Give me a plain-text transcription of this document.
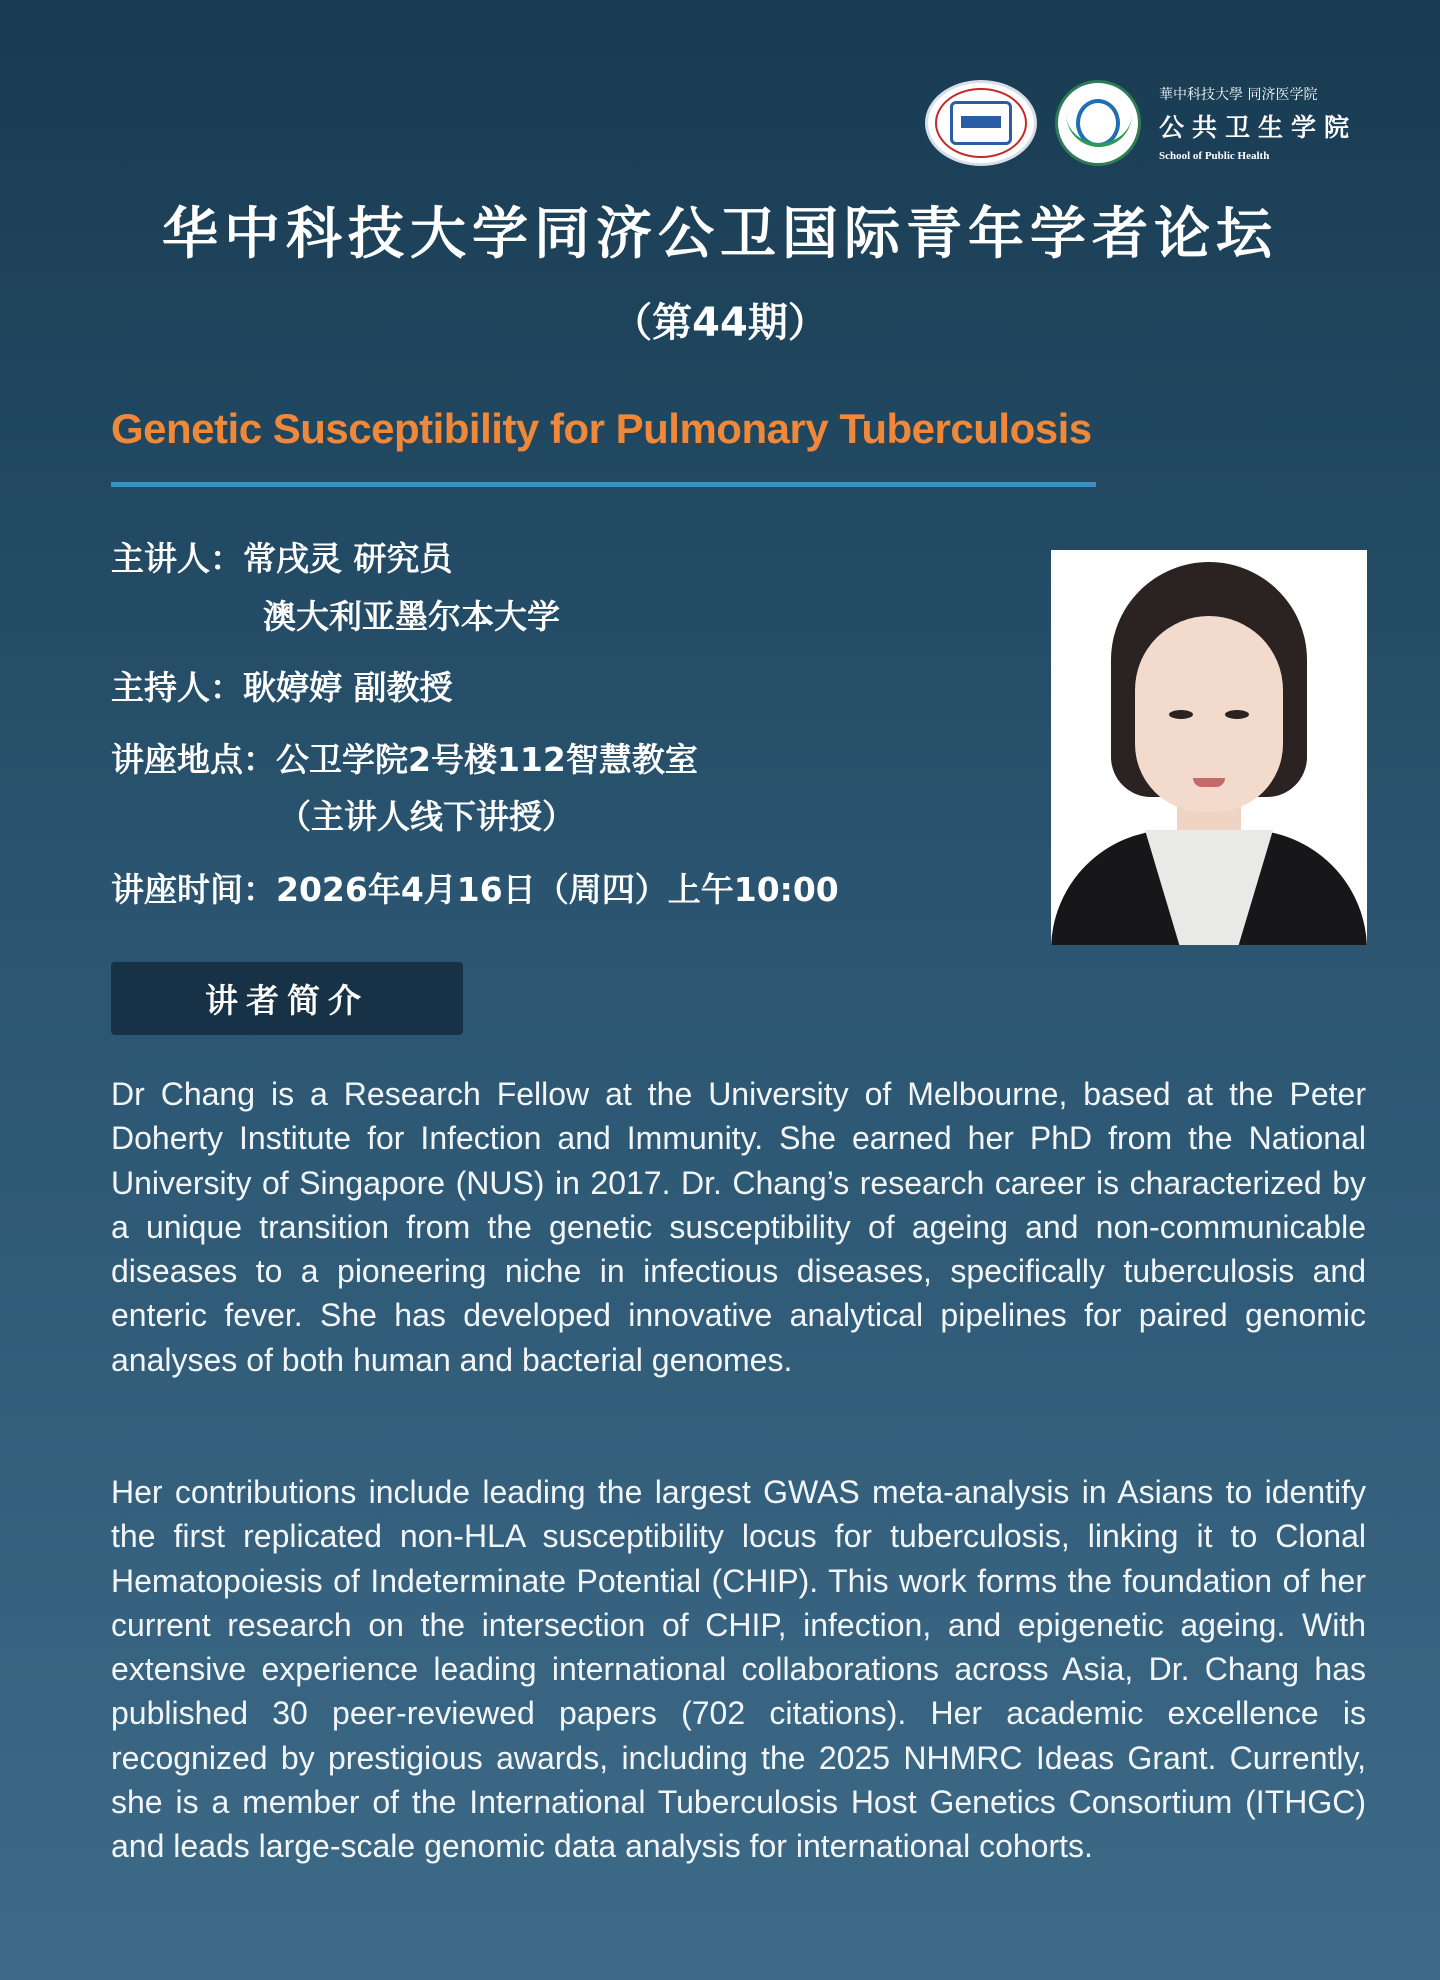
華中科技大學 同济医学院
公共卫生学院
School of Public Health
华中科技大学同济公卫国际青年学者论坛
（第44期）
Genetic Susceptibility for Pulmonary Tuberculosis
主讲人：常戌灵 研究员
澳大利亚墨尔本大学
主持人：耿婷婷 副教授
讲座地点：公卫学院2号楼112智慧教室
（主讲人线下讲授）
讲座时间：2026年4月16日（周四）上午10:00
讲者简介

Dr Chang is a Research Fellow at the University of Melbourne, based at the Peter Doherty Institute for Infection and Immunity. She earned her PhD from the National University of Singapore (NUS) in 2017. Dr. Chang’s research career is characterized by a unique transition from the genetic susceptibility of ageing and non-communicable diseases to a pioneering niche in infectious diseases, specifically tuberculosis and enteric fever. She has developed innovative analytical pipelines for paired genomic analyses of both human and bacterial genomes.

Her contributions include leading the largest GWAS meta-analysis in Asians to identify the first replicated non-HLA susceptibility locus for tuberculosis, linking it to Clonal Hematopoiesis of Indeterminate Potential (CHIP). This work forms the foundation of her current research on the intersection of CHIP, infection, and epigenetic ageing. With extensive experience leading international collaborations across Asia, Dr. Chang has published 30 peer-reviewed papers (702 citations). Her academic excellence is recognized by prestigious awards, including the 2025 NHMRC Ideas Grant. Currently, she is a member of the International Tuberculosis Host Genetics Consortium (ITHGC) and leads large-scale genomic data analysis for international cohorts.
